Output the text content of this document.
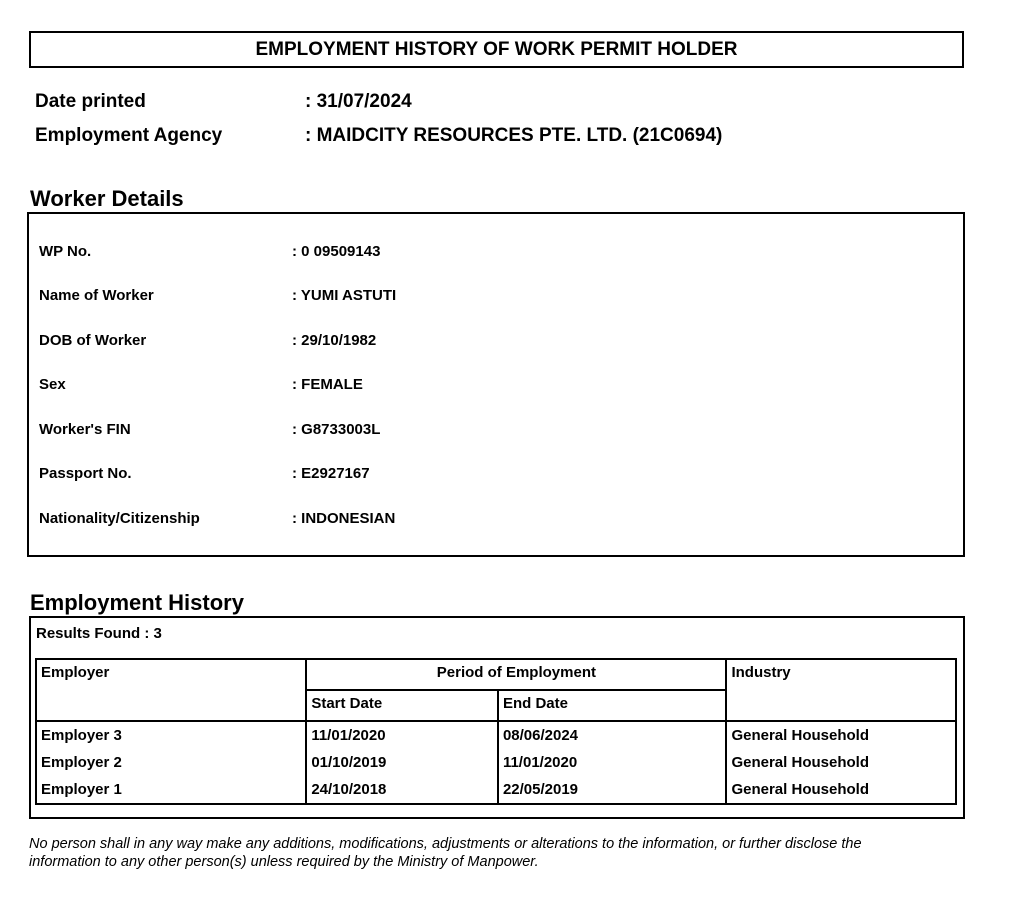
EMPLOYMENT HISTORY OF WORK PERMIT HOLDER
Date printed	: 31/07/2024
Employment Agency	: MAIDCITY RESOURCES PTE. LTD. (21C0694)
Worker Details
WP No.	: 0 09509143
Name of Worker	: YUMI ASTUTI
DOB of Worker	: 29/10/1982
Sex	: FEMALE
Worker's FIN	: G8733003L
Passport No.	: E2927167
Nationality/Citizenship	: INDONESIAN
Employment History
Results Found : 3
Employer	Period of Employment		Industry
	Start Date	End Date	
Employer 3	11/01/2020	08/06/2024	General Household
Employer 2	01/10/2019	11/01/2020	General Household
Employer 1	24/10/2018	22/05/2019	General Household
No person shall in any way make any additions, modifications, adjustments or alterations to the information, or further disclose the information to any other person(s) unless required by the Ministry of Manpower.
